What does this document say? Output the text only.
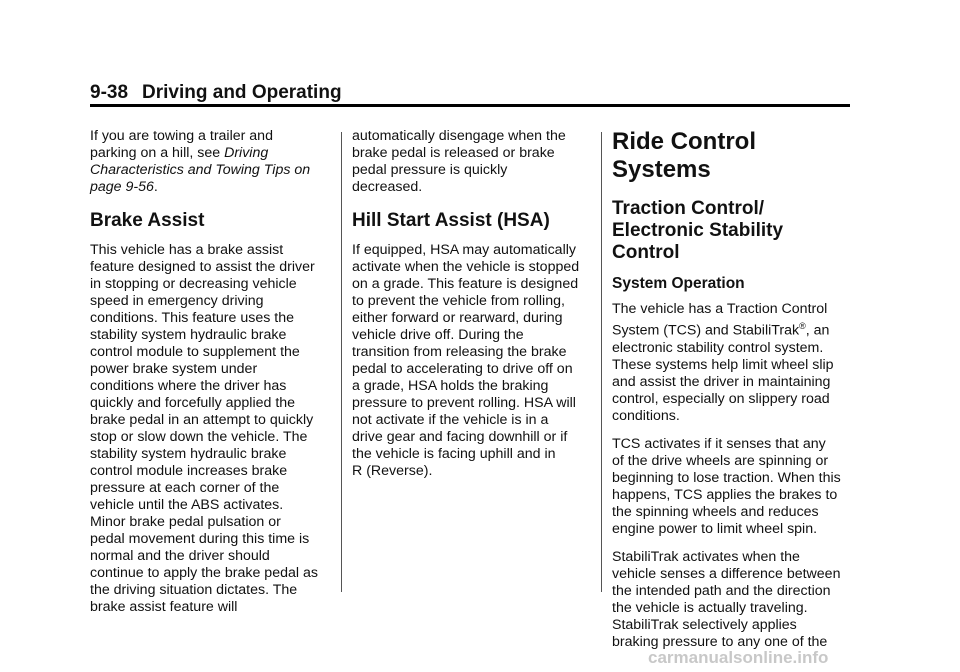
9-38 Driving and Operating

If you are towing a trailer and
parking on a hill, see Driving
Characteristics and Towing Tips on
page 9-56.

Brake Assist

This vehicle has a brake assist
feature designed to assist the driver
in stopping or decreasing vehicle
speed in emergency driving
conditions. This feature uses the
stability system hydraulic brake
control module to supplement the
power brake system under
conditions where the driver has
quickly and forcefully applied the
brake pedal in an attempt to quickly
stop or slow down the vehicle. The
stability system hydraulic brake
control module increases brake
pressure at each corner of the
vehicle until the ABS activates.
Minor brake pedal pulsation or
pedal movement during this time is
normal and the driver should
continue to apply the brake pedal as
the driving situation dictates. The
brake assist feature will

automatically disengage when the
brake pedal is released or brake
pedal pressure is quickly
decreased.

Hill Start Assist (HSA)

If equipped, HSA may automatically
activate when the vehicle is stopped
on a grade. This feature is designed
to prevent the vehicle from rolling,
either forward or rearward, during
vehicle drive off. During the
transition from releasing the brake
pedal to accelerating to drive off on
a grade, HSA holds the braking
pressure to prevent rolling. HSA will
not activate if the vehicle is in a
drive gear and facing downhill or if
the vehicle is facing uphill and in
R (Reverse).

Ride Control Systems
Traction Control/
Electronic Stability
Control
System Operation

The vehicle has a Traction Control
System (TCS) and StabiliTrak®, an
electronic stability control system.
These systems help limit wheel slip
and assist the driver in maintaining
control, especially on slippery road
conditions.

TCS activates if it senses that any
of the drive wheels are spinning or
beginning to lose traction. When this
happens, TCS applies the brakes to
the spinning wheels and reduces
engine power to limit wheel spin.

StabiliTrak activates when the
vehicle senses a difference between
the intended path and the direction
the vehicle is actually traveling.
StabiliTrak selectively applies
braking pressure to any one of the

carmanualsonline.info
